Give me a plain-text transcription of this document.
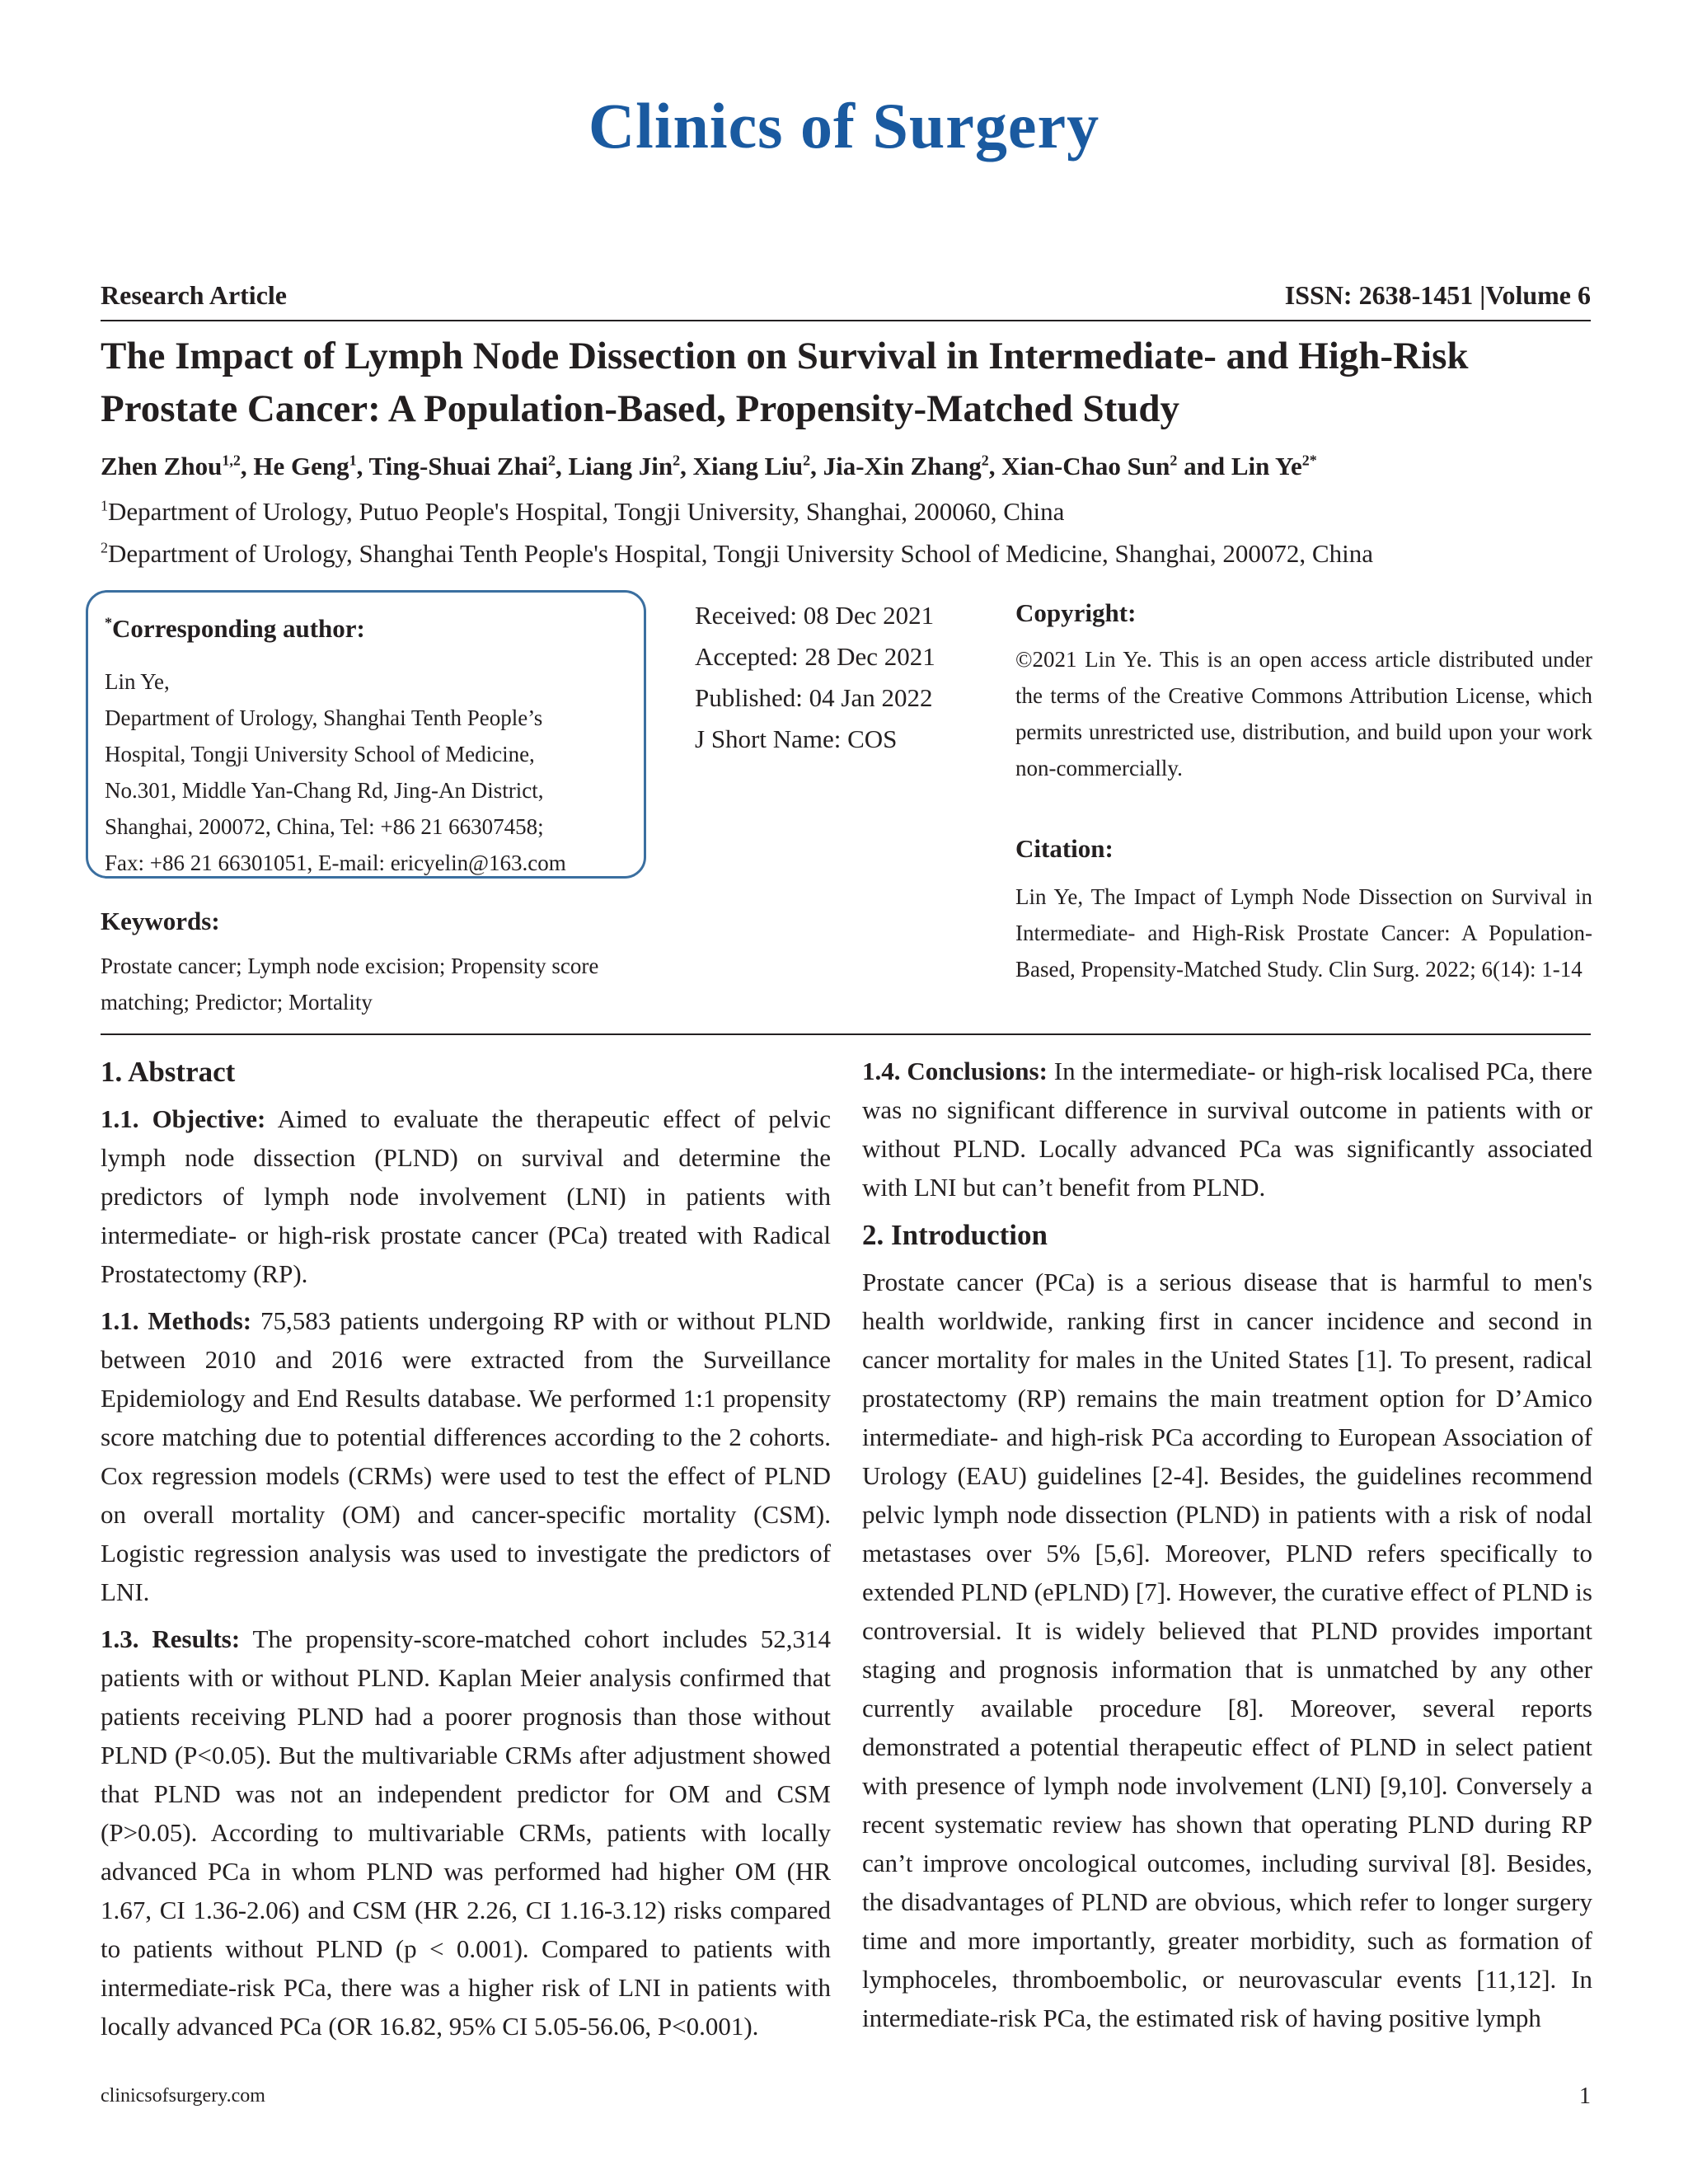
Clinics of Surgery
Research Article	ISSN: 2638-1451 |Volume 6
The Impact of Lymph Node Dissection on Survival in Intermediate- and High-Risk Prostate Cancer: A Population-Based, Propensity-Matched Study
Zhen Zhou$^{1,2}$, He Geng$^1$, Ting-Shuai Zhai$^2$, Liang Jin$^2$, Xiang Liu$^2$, Jia-Xin Zhang$^2$, Xian-Chao Sun$^2$ and Lin $Ye^{2*}$
$^1$Department of Urology, Putuo People's Hospital, Tongji University, Shanghai, 200060, China
$^2$Department of Urology, Shanghai Tenth People's Hospital, Tongji University School of Medicine, Shanghai, 200072, China
*Corresponding author:
Lin Ye,
Department of Urology, Shanghai Tenth People’s
Hospital, Tongji University School of Medicine,
No.301, Middle Yan-Chang Rd, Jing-An District,
Shanghai, 200072, China, Tel: +86 21 66307458;
Fax: +86 21 66301051, E-mail: ericyelin@163.com
Received: 08 Dec 2021
Accepted: 28 Dec 2021
Published: 04 Jan 2022
J Short Name: COS
Copyright:
©2021 Lin Ye. This is an open access article distributed under the terms of the Creative Commons Attribution License, which permits unrestricted use, distribution, and build upon your work non-commercially.
Citation:
Lin Ye, The Impact of Lymph Node Dissection on Survival in Intermediate- and High-Risk Prostate Cancer: A Population-Based, Propensity-Matched Study. Clin Surg. 2022; 6(14): 1-14
Keywords:
Prostate cancer; Lymph node excision; Propensity score matching; Predictor; Mortality
1. Abstract

1.1. Objective: Aimed to evaluate the therapeutic effect of pelvic lymph node dissection (PLND) on survival and determine the predictors of lymph node involvement (LNI) in patients with intermediate- or high-risk prostate cancer (PCa) treated with Radical Prostatectomy (RP).

1.1. Methods: 75,583 patients undergoing RP with or without PLND between 2010 and 2016 were extracted from the Surveillance Epidemiology and End Results database. We performed 1:1 propensity score matching due to potential differences according to the 2 cohorts. Cox regression models (CRMs) were used to test the effect of PLND on overall mortality (OM) and cancer-specific mortality (CSM). Logistic regression analysis was used to investigate the predictors of LNI.

1.3. Results: The propensity-score-matched cohort includes 52,314 patients with or without PLND. Kaplan Meier analysis confirmed that patients receiving PLND had a poorer prognosis than those without PLND (P<0.05). But the multivariable CRMs after adjustment showed that PLND was not an independent predictor for OM and CSM (P>0.05). According to multivariable CRMs, patients with locally advanced PCa in whom PLND was performed had higher OM (HR 1.67, CI 1.36-2.06) and CSM (HR 2.26, CI 1.16-3.12) risks compared to patients without PLND (p < 0.001). Compared to patients with intermediate-risk PCa, there was a higher risk of LNI in patients with locally advanced PCa (OR 16.82, 95% CI 5.05-56.06, P<0.001).

1.4. Conclusions: In the intermediate- or high-risk localised PCa, there was no significant difference in survival outcome in patients with or without PLND. Locally advanced PCa was significantly associated with LNI but can’t benefit from PLND.

2. Introduction

Prostate cancer (PCa) is a serious disease that is harmful to men's health worldwide, ranking first in cancer incidence and second in cancer mortality for males in the United States [1]. To present, radical prostatectomy (RP) remains the main treatment option for D’Amico intermediate- and high-risk PCa according to European Association of Urology (EAU) guidelines [2-4]. Besides, the guidelines recommend pelvic lymph node dissection (PLND) in patients with a risk of nodal metastases over 5% [5,6]. Moreover, PLND refers specifically to extended PLND (ePLND) [7]. However, the curative effect of PLND is controversial. It is widely believed that PLND provides important staging and prognosis information that is unmatched by any other currently available procedure [8]. Moreover, several reports demonstrated a potential therapeutic effect of PLND in select patient with presence of lymph node involvement (LNI) [9,10]. Conversely a recent systematic review has shown that operating PLND during RP can’t improve oncological outcomes, including survival [8]. Besides, the disadvantages of PLND are obvious, which refer to longer surgery time and more importantly, greater morbidity, such as formation of lymphoceles, thromboembolic, or neurovascular events [11,12]. In intermediate-risk PCa, the estimated risk of having positive lymph

clinicsofsurgery.com	1
